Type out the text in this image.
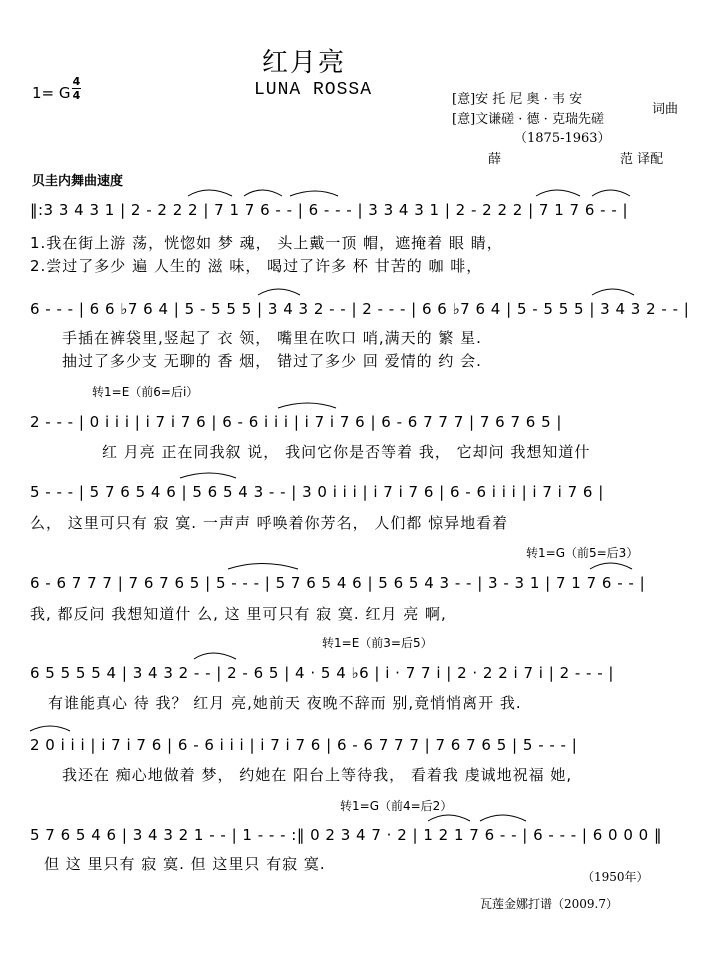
红月亮
LUNA ROSSA
1= G
4
4	[意]安 托 尼 奥 · 韦 安
[意]文谦磋 · 德 · 克瑞先磋
词曲
（1875-1963）
薛	范 译配
贝圭内舞曲速度
‖:3 3 4 3 1 | 2 - 2 2 2 | 7 1 7 6 - - | 6 - - - | 3 3 4 3 1 | 2 - 2 2 2 | 7 1 7 6 - - |
1.我在街上游 荡，恍惚如 梦 魂， 头上戴一顶 帽，遮掩着 眼 睛，
2.尝过了多少 遍 人生的 滋 味， 喝过了许多 杯 甘苦的 咖 啡，
6 - - - | 6 6 ♭7 6 4 | 5 - 5 5 5 | 3 4 3 2 - - | 2 - - - | 6 6 ♭7 6 4 | 5 - 5 5 5 | 3 4 3 2 - - |
手插在裤袋里,竖起了 衣 领， 嘴里在吹口 哨,满天的 繁 星.
抽过了多少支 无聊的 香 烟， 错过了多少 回 爱情的 约 会.
转1=E（前6=后i）
2 - - - | 0 i i i | i 7 i 7 6 | 6 - 6 i i i | i 7 i 7 6 | 6 - 6 7 7 7 | 7 6 7 6 5 |
红 月亮 正在同我叙 说， 我问它你是否等着 我， 它却问 我想知道什
5 - - - | 5 7 6 5 4 6 | 5 6 5 4 3 - - | 3 0 i i i | i 7 i 7 6 | 6 - 6 i i i | i 7 i 7 6 |
么， 这里可只有 寂 寞. 一声声 呼唤着你芳名， 人们都 惊异地看着
转1=G（前5=后3）
6 - 6 7 7 7 | 7 6 7 6 5 | 5 - - - | 5 7 6 5 4 6 | 5 6 5 4 3 - - | 3 - 3 1 | 7 1 7 6 - - |
我, 都反问 我想知道什 么, 这 里可只有 寂 寞. 红月 亮 啊,
转1=E（前3=后5）
6 5 5 5 5 4 | 3 4 3 2 - - | 2 - 6 5 | 4 · 5 4 ♭6 | i · 7 7 i | 2 · 2 2 i 7 i | 2 - - - |
有谁能真心 待 我？ 红月 亮,她前天 夜晚不辞而 别,竟悄悄离开 我.
2 0 i i i | i 7 i 7 6 | 6 - 6 i i i | i 7 i 7 6 | 6 - 6 7 7 7 | 7 6 7 6 5 | 5 - - - |
我还在 痴心地做着 梦， 约她在 阳台上等待我， 看着我 虔诚地祝福 她,
转1=G（前4=后2）
5 7 6 5 4 6 | 3 4 3 2 1 - - | 1 - - - :‖ 0 2 3 4 7 · 2 | 1 2 1 7 6 - - | 6 - - - | 6 0 0 0 ‖
但 这 里只有 寂 寞. 但 这里只 有寂 寞.
（1950年）
瓦莲金娜打谱（2009.7）
